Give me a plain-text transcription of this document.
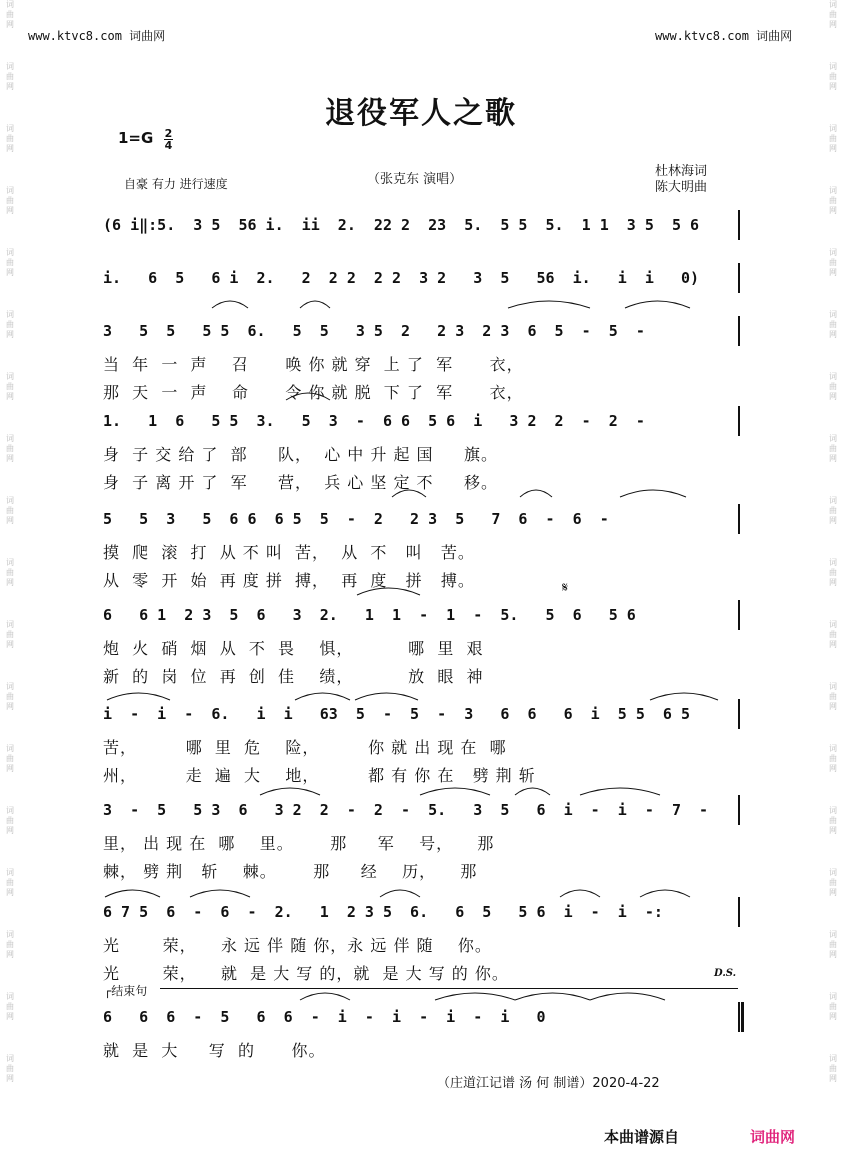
词
曲
网
词
曲
网
词
曲
网
词
曲
网
词
曲
网
词
曲
网
词
曲
网
词
曲
网
词
曲
网
词
曲
网
词
曲
网
词
曲
网
词
曲
网
词
曲
网
词
曲
网
词
曲
网
词
曲
网
词
曲
网
词
曲
网
词
曲
网
词
曲
网
词
曲
网
词
曲
网
词
曲
网
词
曲
网
词
曲
网
词
曲
网
词
曲
网
词
曲
网
词
曲
网
词
曲
网
词
曲
网
词
曲
网
词
曲
网
词
曲
网
词
曲
网
www.ktvc8.com 词曲网	www.ktvc8.com 词曲网
退役军人之歌
1=G 2
4
自豪 有力 进行速度	（张克东 演唱）
杜林海词
陈大明曲
(6 i‖:5.  3 5  56 i.  ii  2.  22 2  23  5.  5 5  5.  1 1  3 5  5 6
i.   6  5   6 i  2.   2  2 2  2 2  3 2   3  5   56  i.   i  i   0)
3   5  5   5 5  6.   5  5   3 5  2   2 3  2 3  6  5  -  5  -
当  年  一  声    召      唤 你 就 穿  上 了  军      衣，
那  天  一  声    命      令 你 就 脱  下 了  军      衣，
1.   1  6   5 5  3.   5  3  -  6 6  5 6  i   3 2  2  -  2  -
身  子 交 给 了  部     队，  心 中 升 起 国     旗。
身  子 离 开 了  军     营，  兵 心 坚 定 不     移。
5   5  3   5  6 6  6 5  5  -  2   2 3  5   7  6  -  6  -
摸  爬  滚  打  从 不 叫  苦，  从  不   叫   苦。
从  零  开  始  再 度 拼  搏，  再  度   拼   搏。
6   6 1  2 3  5  6   3  2.   1  1  -  1  -  5.   5  6   5 6
炮  火  硝  烟  从  不  畏    惧，         哪  里  艰
新  的  岗  位  再  创  佳    绩，         放  眼  神
i  -  i  -  6.   i  i   63  5  -  5  -  3   6  6   6  i  5 5  6 5
苦，        哪  里  危    险，        你 就 出 现 在  哪
州，        走  遍  大    地，        都 有 你 在   劈 荆 斩
3  -  5   5 3  6   3 2  2  -  2  -  5.   3  5   6  i  -  i  -  7  -
里， 出 现 在  哪    里。      那     军    号，    那
棘， 劈 荆   斩    棘。      那     经    历，    那
6 7 5  6  -  6  -  2.   1  2 3 5  6.   6  5   5 6  i  -  i  -:
光       荣，    永 远 伴 随 你，永 远 伴 随    你。
光       荣，    就  是 大 写 的，就  是 大 写 的 你。
6   6  6  -  5   6  6  -  i  -  i  -  i  -  i   0
就  是  大     写  的      你。
𝄋
D.S.
┌结束句
（庄道江记谱 汤 何 制谱）2020-4-22
本曲谱源自	词曲网
